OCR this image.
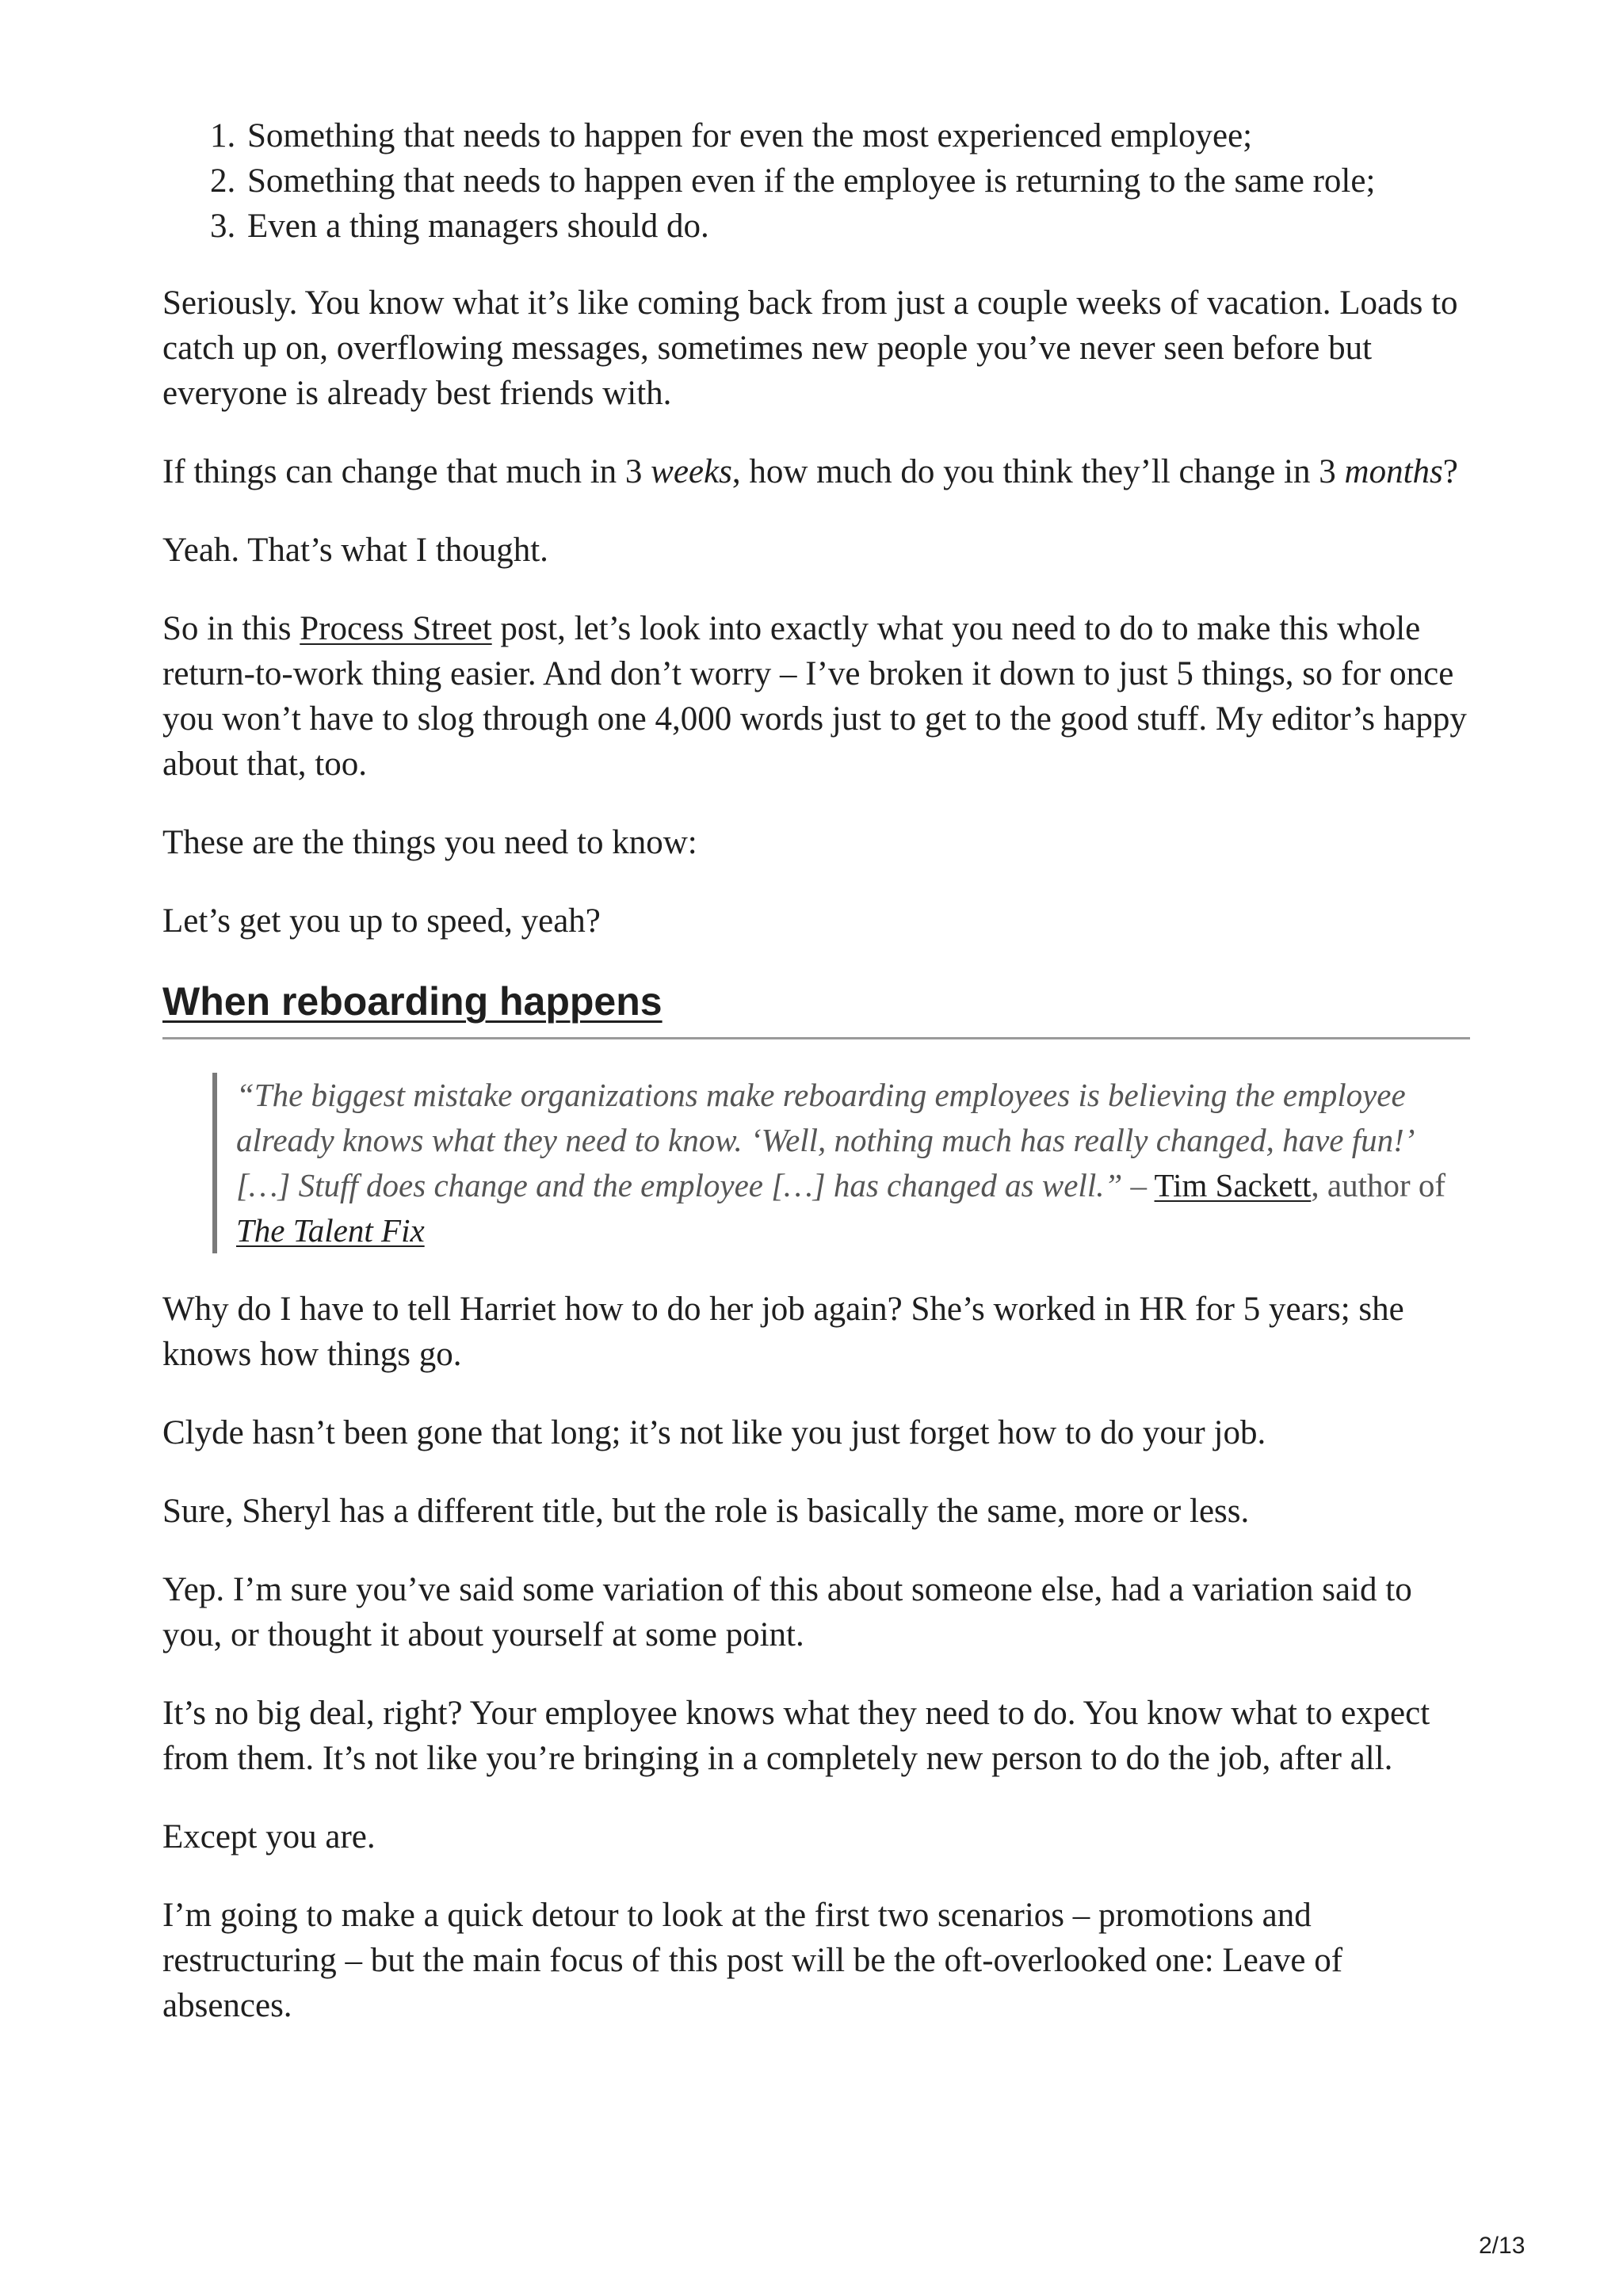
1. Something that needs to happen for even the most experienced employee;
2. Something that needs to happen even if the employee is returning to the same role;
3. Even a thing managers should do.

Seriously. You know what it’s like coming back from just a couple weeks of vacation. Loads to catch up on, overflowing messages, sometimes new people you’ve never seen before but everyone is already best friends with.

If things can change that much in 3 weeks, how much do you think they’ll change in 3 months?

Yeah. That’s what I thought.

So in this Process Street post, let’s look into exactly what you need to do to make this whole return-to-work thing easier. And don’t worry – I’ve broken it down to just 5 things, so for once you won’t have to slog through one 4,000 words just to get to the good stuff. My editor’s happy about that, too.

These are the things you need to know:

Let’s get you up to speed, yeah?

When reboarding happens
“The biggest mistake organizations make reboarding employees is believing the employee already knows what they need to know. ‘Well, nothing much has really changed, have fun!’ […] Stuff does change and the employee […] has changed as well.” – Tim Sackett, author of The Talent Fix

Why do I have to tell Harriet how to do her job again? She’s worked in HR for 5 years; she knows how things go.

Clyde hasn’t been gone that long; it’s not like you just forget how to do your job.

Sure, Sheryl has a different title, but the role is basically the same, more or less.

Yep. I’m sure you’ve said some variation of this about someone else, had a variation said to you, or thought it about yourself at some point.

It’s no big deal, right? Your employee knows what they need to do. You know what to expect from them. It’s not like you’re bringing in a completely new person to do the job, after all.

Except you are.

I’m going to make a quick detour to look at the first two scenarios – promotions and restructuring – but the main focus of this post will be the oft-overlooked one: Leave of absences.

2/13
